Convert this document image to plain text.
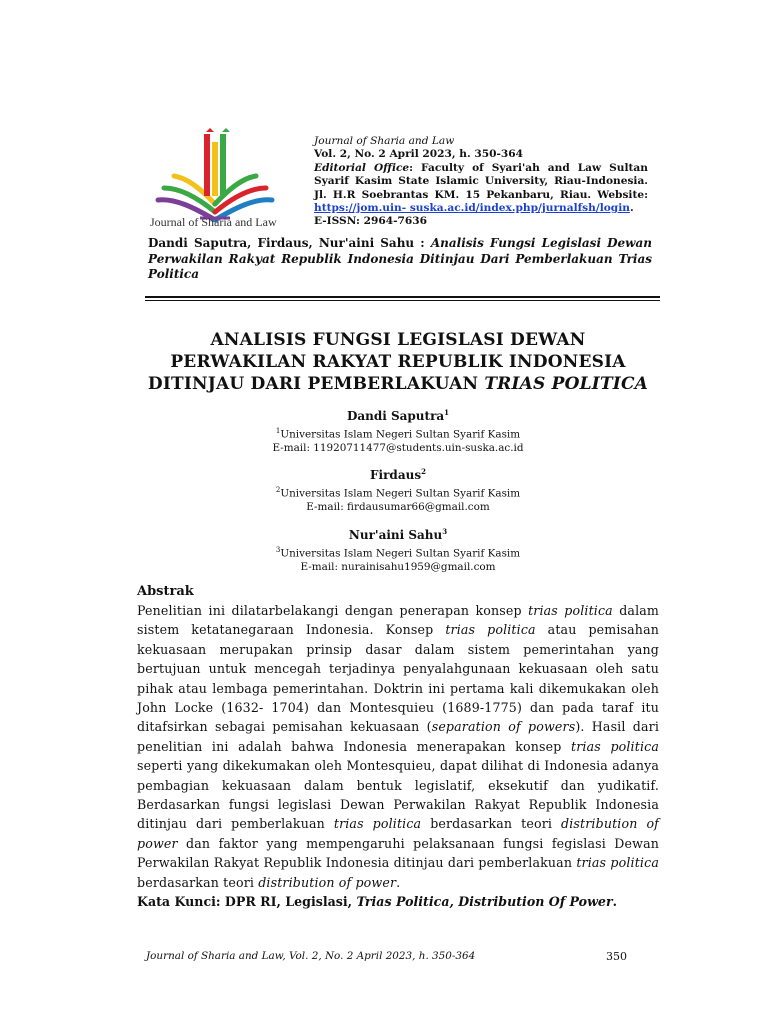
Journal of Sharia and Law
Journal of Sharia and Law
Vol. 2, No. 2 April 2023, h. 350-364
Editorial Office: Faculty of Syari'ah and Law Sultan Syarif Kasim State Islamic University, Riau-Indonesia. Jl. H.R Soebrantas KM. 15 Pekanbaru, Riau. Website: https://jom.uin- suska.ac.id/index.php/jurnalfsh/login.
E-ISSN: 2964-7636
Dandi Saputra, Firdaus, Nur'aini Sahu : Analisis Fungsi Legislasi Dewan Perwakilan Rakyat Republik Indonesia Ditinjau Dari Pemberlakuan Trias Politica
ANALISIS FUNGSI LEGISLASI DEWAN PERWAKILAN RAKYAT REPUBLIK INDONESIA DITINJAU DARI PEMBERLAKUAN TRIAS POLITICA
Dandi Saputra$^1$
$^1$Universitas Islam Negeri Sultan Syarif Kasim
E-mail: 11920711477@students.uin-suska.ac.id
Firdaus$^2$
$^2$Universitas Islam Negeri Sultan Syarif Kasim
E-mail: firdausumar66@gmail.com
Nur'aini Sahu$^3$
$^3$Universitas Islam Negeri Sultan Syarif Kasim
E-mail: nurainisahu1959@gmail.com
Abstrak
Penelitian ini dilatarbelakangi dengan penerapan konsep trias politica dalam sistem ketatanegaraan Indonesia. Konsep trias politica atau pemisahan kekuasaan merupakan prinsip dasar dalam sistem pemerintahan yang bertujuan untuk mencegah terjadinya penyalahgunaan kekuasaan oleh satu pihak atau lembaga pemerintahan. Doktrin ini pertama kali dikemukakan oleh John Locke (1632- 1704) dan Montesquieu (1689-1775) dan pada taraf itu ditafsirkan sebagai pemisahan kekuasaan (separation of powers). Hasil dari penelitian ini adalah bahwa Indonesia menerapakan konsep trias politica seperti yang dikekumakan oleh Montesquieu, dapat dilihat di Indonesia adanya pembagian kekuasaan dalam bentuk legislatif, eksekutif dan yudikatif. Berdasarkan fungsi legislasi Dewan Perwakilan Rakyat Republik Indonesia ditinjau dari pemberlakuan trias politica berdasarkan teori distribution of power dan faktor yang mempengaruhi pelaksanaan fungsi fegislasi Dewan Perwakilan Rakyat Republik Indonesia ditinjau dari pemberlakuan trias politica berdasarkan teori distribution of power.
Kata Kunci: DPR RI, Legislasi, Trias Politica, Distribution Of Power.
Journal of Sharia and Law, Vol. 2, No. 2 April 2023, h. 350-364	350
